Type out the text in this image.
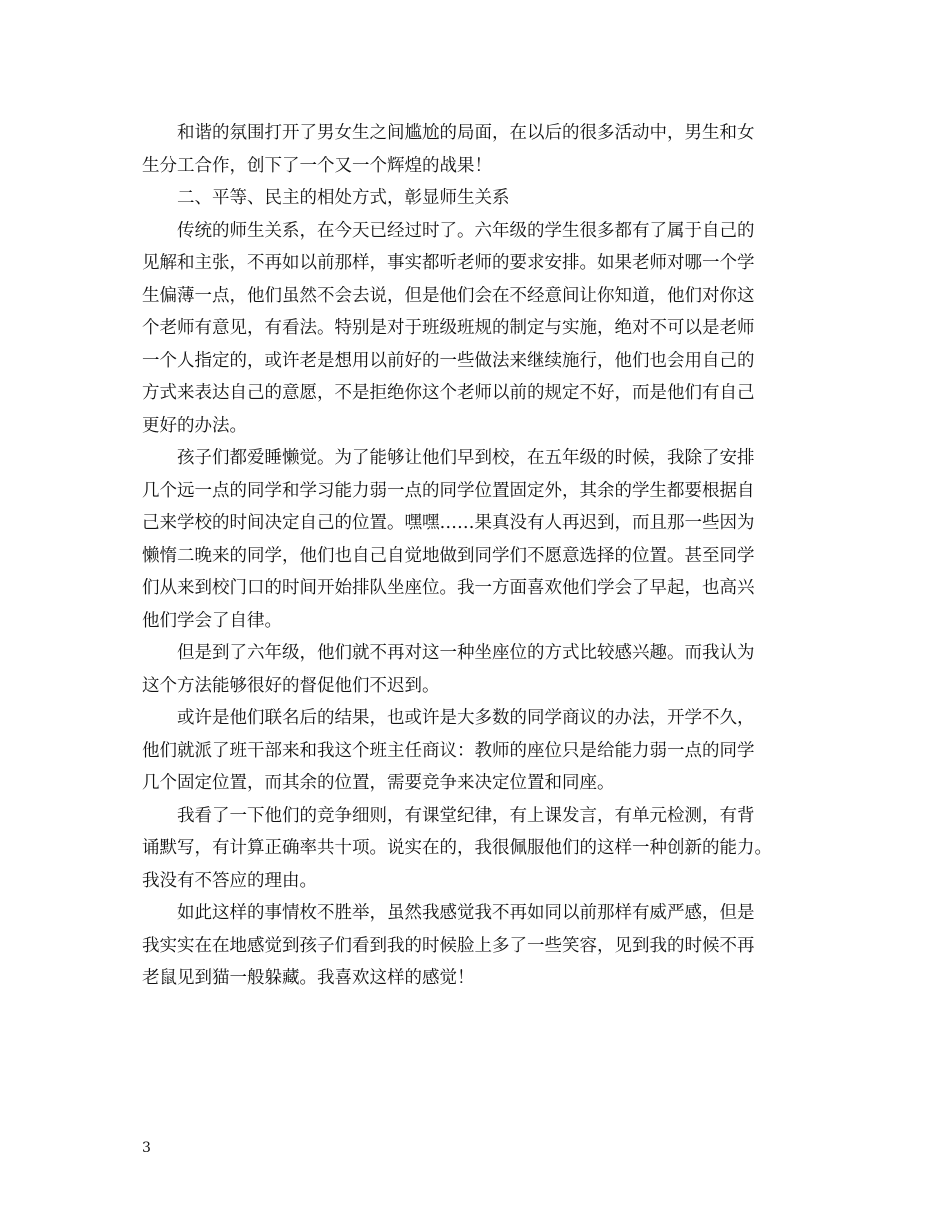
和谐的氛围打开了男女生之间尴尬的局面，在以后的很多活动中，男生和女
生分工合作，创下了一个又一个辉煌的战果！

二、平等、民主的相处方式，彰显师生关系

传统的师生关系，在今天已经过时了。六年级的学生很多都有了属于自己的
见解和主张，不再如以前那样，事实都听老师的要求安排。如果老师对哪一个学
生偏薄一点，他们虽然不会去说，但是他们会在不经意间让你知道，他们对你这
个老师有意见，有看法。特别是对于班级班规的制定与实施，绝对不可以是老师
一个人指定的，或许老是想用以前好的一些做法来继续施行，他们也会用自己的
方式来表达自己的意愿，不是拒绝你这个老师以前的规定不好，而是他们有自己
更好的办法。

孩子们都爱睡懒觉。为了能够让他们早到校，在五年级的时候，我除了安排
几个远一点的同学和学习能力弱一点的同学位置固定外，其余的学生都要根据自
己来学校的时间决定自己的位置。嘿嘿……果真没有人再迟到，而且那一些因为
懒惰二晚来的同学，他们也自己自觉地做到同学们不愿意选择的位置。甚至同学
们从来到校门口的时间开始排队坐座位。我一方面喜欢他们学会了早起，也高兴
他们学会了自律。

但是到了六年级，他们就不再对这一种坐座位的方式比较感兴趣。而我认为
这个方法能够很好的督促他们不迟到。

或许是他们联名后的结果，也或许是大多数的同学商议的办法，开学不久，
他们就派了班干部来和我这个班主任商议：教师的座位只是给能力弱一点的同学
几个固定位置，而其余的位置，需要竞争来决定位置和同座。

我看了一下他们的竞争细则，有课堂纪律，有上课发言，有单元检测，有背
诵默写，有计算正确率共十项。说实在的，我很佩服他们的这样一种创新的能力。
我没有不答应的理由。

如此这样的事情枚不胜举，虽然我感觉我不再如同以前那样有威严感，但是
我实实在在地感觉到孩子们看到我的时候脸上多了一些笑容，见到我的时候不再
老鼠见到猫一般躲藏。我喜欢这样的感觉！

3
